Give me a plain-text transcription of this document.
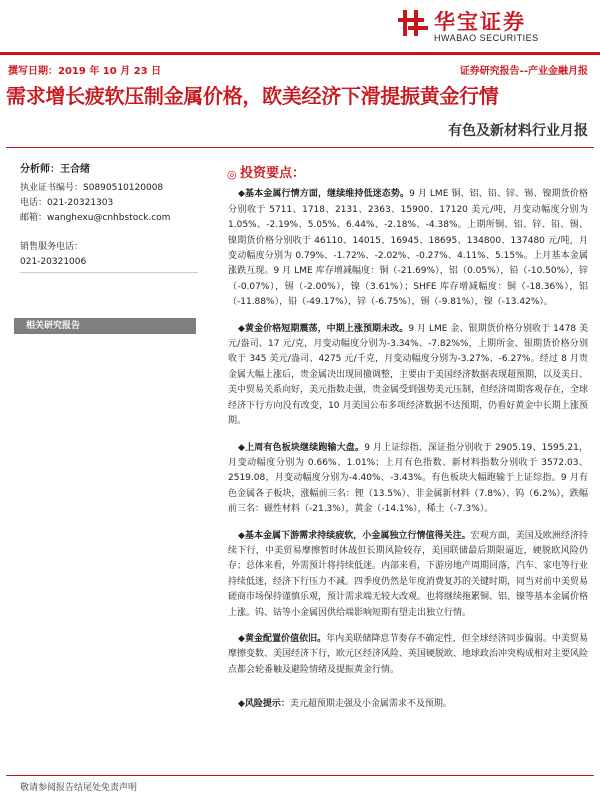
华宝证券
HWABAO SECURITIES
撰写日期：2019 年 10 月 23 日	证券研究报告--产业金融月报
需求增长疲软压制金属价格，欧美经济下滑提振黄金行情
有色及新材料行业月报
分析师：王合绪
执业证书编号：S0890510120008
电话：021-20321303
邮箱：wanghexu@cnhbstock.com
销售服务电话：
021-20321006
相关研究报告
◎ 投资要点：
◆基本金属行情方面，继续维持低迷态势。9 月 LME 铜、铝、铅、锌、锡、镍期货价格分别收于 5711、1718、2131、2363、15900、17120 美元/吨，月变动幅度分别为 1.05%、-2.19%、5.05%、6.44%、-2.18%、-4.38%。上期所铜、铝、锌、铅、锡、镍期货价格分别收于 46110、14015、16945、18695、134800、137480 元/吨，月变动幅度分别为 0.79%、-1.72%、-2.02%、-0.27%、4.11%、5.15%。上月基本金属涨跌互现。9 月 LME 库存增减幅度：铜（-21.69%），铝（0.05%），铅（-10.50%），锌（-0.07%），锡（-2.00%），镍（3.61%）；SHFE 库存增减幅度：铜（-18.36%），铝（-11.88%），铅（-49.17%），锌（-6.75%），锡（-9.81%），镍（-13.42%）。
◆黄金价格短期震荡，中期上涨预期未改。9 月 LME 金、银期货价格分别收于 1478 美元/盎司、17 元/克，月变动幅度分别为-3.34%、-7.82%%，上期所金、银期货价格分别收于 345 美元/盎司、4275 元/千克，月变动幅度分别为-3.27%、-6.27%。经过 8 月贵金属大幅上涨后，贵金属决出现回撤调整，主要由于美国经济数据表现超预期，以及美日、美中贸易关系向好，美元指数走强，贵金属受到强势美元压制，但经济周期客观存在，全球经济下行方向没有改变，10 月美国公布多项经济数据不达预期，仍看好黄金中长期上涨预期。
◆上周有色板块继续跑输大盘。9 月上证综指、深证指分别收于 2905.19、1595.21，月变动幅度分别为 0.66%、1.01%；上月有色指数、新材料指数分别收于 3572.03、2519.08，月变动幅度分别为-4.40%、-3.43%。有色板块大幅跑输于上证综指。9 月有色金属各子板块，涨幅前三名：锂（13.5%）、非金属新材料（7.8%）、钨（6.2%），跌幅前三名：磁性材料（-21.3%），黄金（-14.1%），稀土（-7.3%）。
◆基本金属下游需求持续疲软，小金属独立行情值得关注。宏观方面，美国及欧洲经济持续下行，中美贸易摩擦暂时休战但长期风险较存，美国联储最后期限逼近，硬脱欧风险仍存；总体来看，外需预计将持续低迷。内部来看，下游房地产周期回落，汽车、家电等行业持续低迷，经济下行压力不减。四季度仍然是年度消费复苏的关键时期，同当对前中美贸易磋商市场保持谨慎乐观，预计需求端无较大改观。也将继续拖累铜、铝、镍等基本金属价格上涨。钨、钴等小金属因供给端影响短期有望走出独立行情。
◆黄金配置价值依旧。年内美联储降息节奏存不确定性，但全球经济同步偏弱。中美贸易摩擦变数、美国经济下行，欧元区经济风险、英国硬脱欧、地球政治冲突构成相对主要风险点都会轮番触及避险情绪及提振黄金行情。
◆风险提示：美元超预期走强及小金属需求不及预期。
敬请参阅报告结尾处免责声明
